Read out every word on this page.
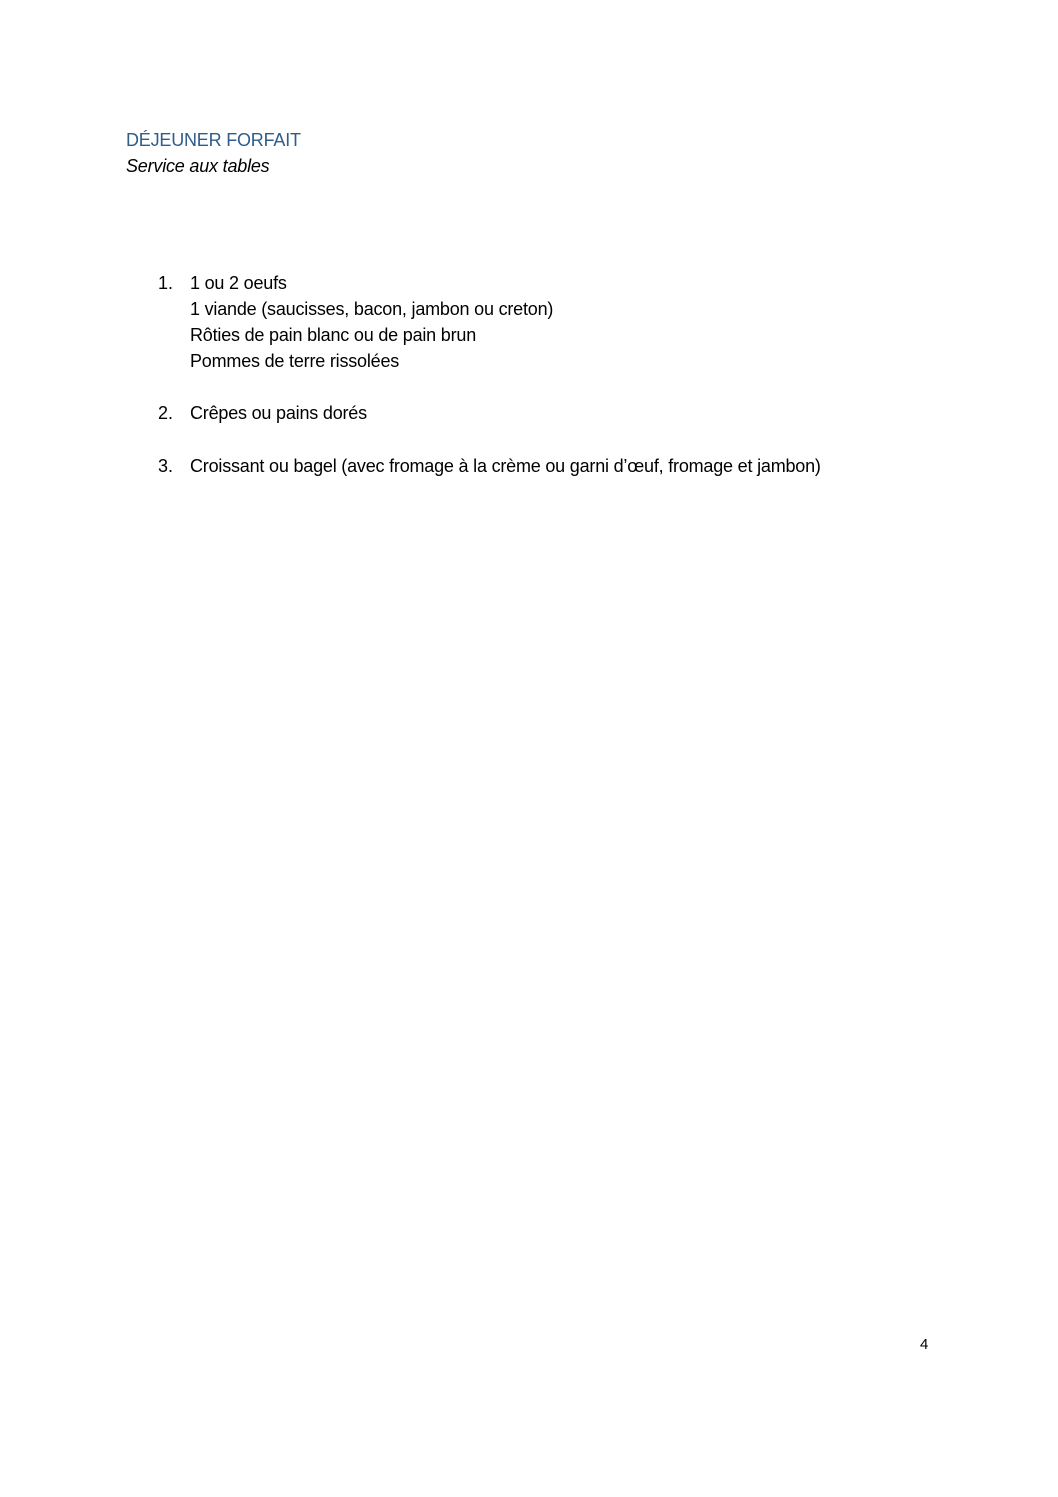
DÉJEUNER FORFAIT
Service aux tables
1. 1 ou 2 oeufs
1 viande (saucisses, bacon, jambon ou creton)
Rôties de pain blanc ou de pain brun
Pommes de terre rissolées
2. Crêpes ou pains dorés
3. Croissant ou bagel (avec fromage à la crème ou garni d’œuf, fromage et jambon)
4
